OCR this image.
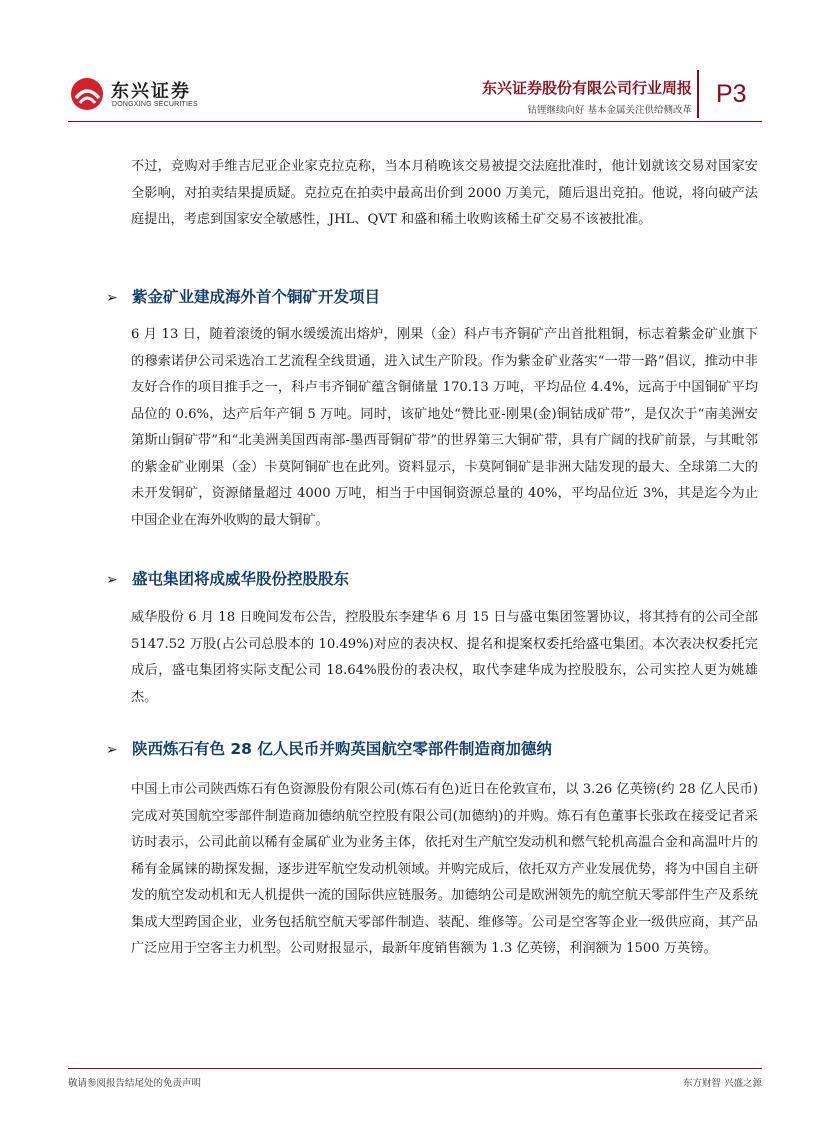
东兴证券
DONGXING SECURITIES
东兴证券股份有限公司行业周报
钴锂继续向好 基本金属关注供给侧改革
P3

不过，竞购对手维吉尼亚企业家克拉克称，当本月稍晚该交易被提交法庭批准时，他计划就该交易对国家安全影响，对拍卖结果提质疑。克拉克在拍卖中最高出价到 2000 万美元，随后退出竞拍。他说，将向破产法庭提出，考虑到国家安全敏感性，JHL、QVT 和盛和稀土收购该稀土矿交易不该被批准。

➢ 紫金矿业建成海外首个铜矿开发项目

6 月 13 日，随着滚烫的铜水缓缓流出熔炉，刚果（金）科卢韦齐铜矿产出首批粗铜，标志着紫金矿业旗下的穆索诺伊公司采选冶工艺流程全线贯通，进入试生产阶段。作为紫金矿业落实“一带一路”倡议，推动中非友好合作的项目推手之一，科卢韦齐铜矿蕴含铜储量 170.13 万吨，平均品位 4.4%，远高于中国铜矿平均品位的 0.6%，达产后年产铜 5 万吨。同时，该矿地处“赞比亚-刚果(金)铜钴成矿带”，是仅次于“南美洲安第斯山铜矿带”和“北美洲美国西南部-墨西哥铜矿带”的世界第三大铜矿带，具有广阔的找矿前景，与其毗邻的紫金矿业刚果（金）卡莫阿铜矿也在此列。资料显示，卡莫阿铜矿是非洲大陆发现的最大、全球第二大的未开发铜矿，资源储量超过 4000 万吨，相当于中国铜资源总量的 40%，平均品位近 3%，其是迄今为止中国企业在海外收购的最大铜矿。

➢ 盛屯集团将成威华股份控股股东

威华股份 6 月 18 日晚间发布公告，控股股东李建华 6 月 15 日与盛屯集团签署协议，将其持有的公司全部 5147.52 万股(占公司总股本的 10.49%)对应的表决权、提名和提案权委托给盛屯集团。本次表决权委托完成后，盛屯集团将实际支配公司 18.64%股份的表决权，取代李建华成为控股股东，公司实控人更为姚雄杰。

➢ 陕西炼石有色 28 亿人民币并购英国航空零部件制造商加德纳

中国上市公司陕西炼石有色资源股份有限公司(炼石有色)近日在伦敦宣布，以 3.26 亿英镑(约 28 亿人民币)完成对英国航空零部件制造商加德纳航空控股有限公司(加德纳)的并购。炼石有色董事长张政在接受记者采访时表示，公司此前以稀有金属矿业为业务主体，依托对生产航空发动机和燃气轮机高温合金和高温叶片的稀有金属铼的勘探发掘，逐步进军航空发动机领域。并购完成后，依托双方产业发展优势，将为中国自主研发的航空发动机和无人机提供一流的国际供应链服务。加德纳公司是欧洲领先的航空航天零部件生产及系统集成大型跨国企业，业务包括航空航天零部件制造、装配、维修等。公司是空客等企业一级供应商，其产品广泛应用于空客主力机型。公司财报显示，最新年度销售额为 1.3 亿英镑，利润额为 1500 万英镑。

敬请参阅报告结尾处的免责声明	东方财智 兴盛之源
